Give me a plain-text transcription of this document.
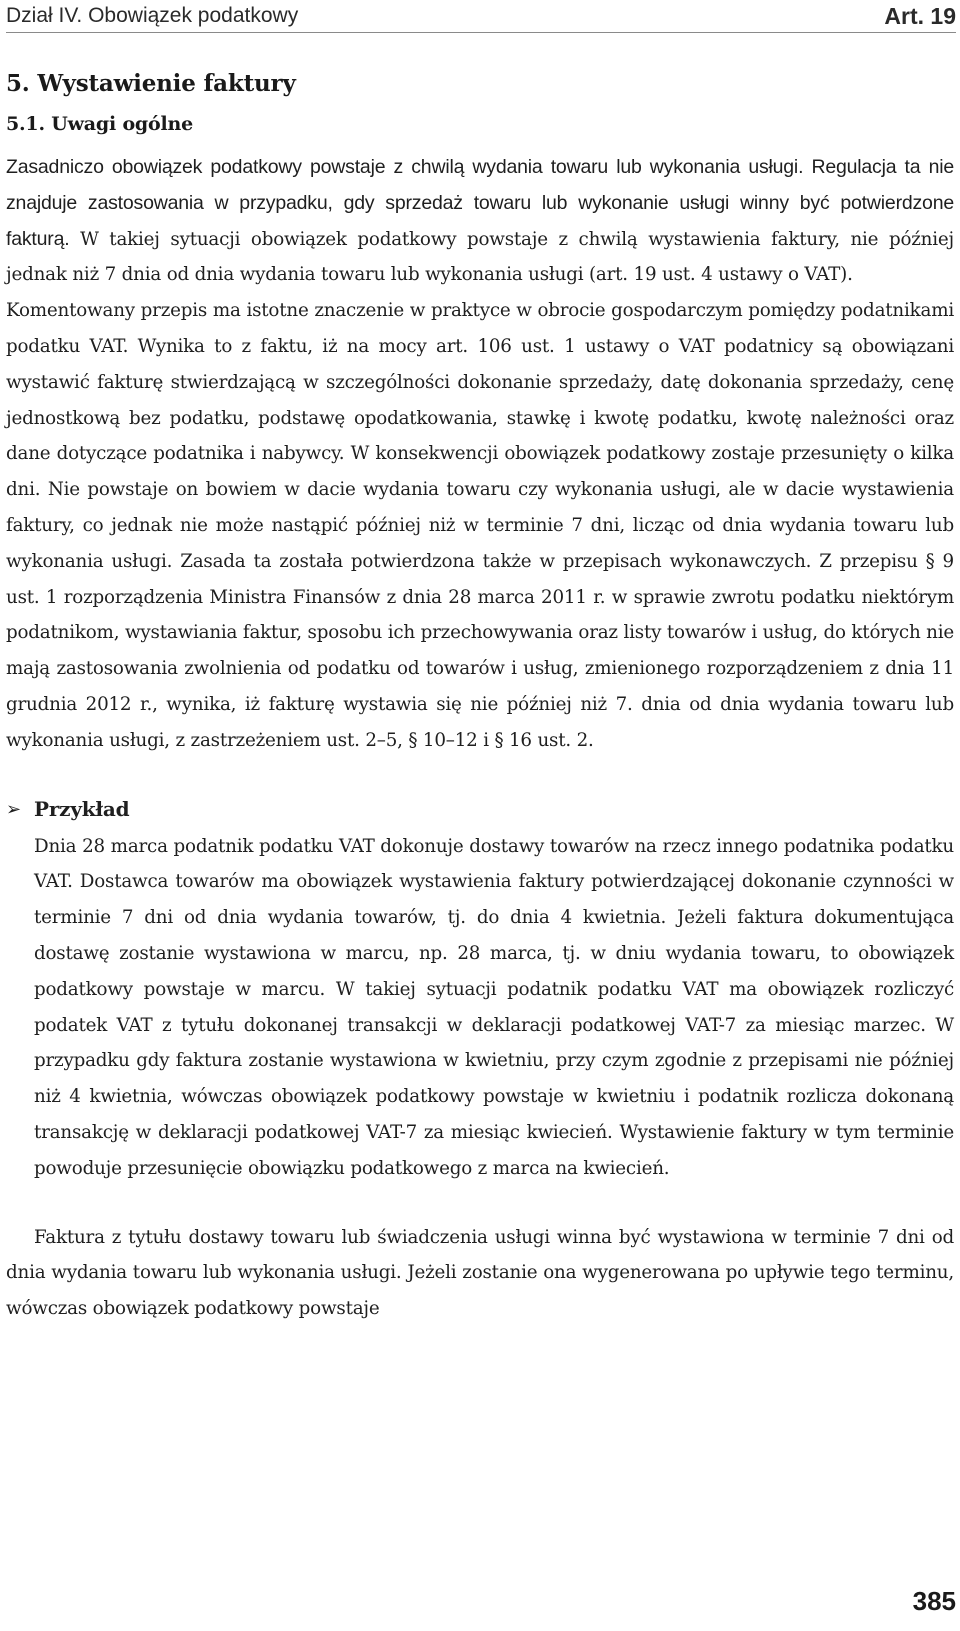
Dział IV. Obowiązek podatkowy	Art. 19
5. Wystawienie faktury
5.1. Uwagi ogólne

Zasadniczo obowiązek podatkowy powstaje z chwilą wydania towaru lub wykonania usługi. Regulacja ta nie znajduje zastosowania w przypadku, gdy sprzedaż towaru lub wykonanie usługi winny być potwierdzone fakturą. W takiej sytuacji obowiązek podatkowy powstaje z chwilą wystawienia faktury, nie później jednak niż 7 dnia od dnia wydania towaru lub wykonania usługi (art. 19 ust. 4 ustawy o VAT).

Komentowany przepis ma istotne znaczenie w praktyce w obrocie gospodarczym pomiędzy podatnikami podatku VAT. Wynika to z faktu, iż na mocy art. 106 ust. 1 ustawy o VAT podatnicy są obowiązani wystawić fakturę stwierdzającą w szczególności dokonanie sprzedaży, datę dokonania sprzedaży, cenę jednostkową bez podatku, podstawę opodatkowania, stawkę i kwotę podatku, kwotę należności oraz dane dotyczące podatnika i nabywcy. W konsekwencji obowiązek podatkowy zostaje przesunięty o kilka dni. Nie powstaje on bowiem w dacie wydania towaru czy wykonania usługi, ale w dacie wystawienia faktury, co jednak nie może nastąpić później niż w terminie 7 dni, licząc od dnia wydania towaru lub wykonania usługi. Zasada ta została potwierdzona także w przepisach wykonawczych. Z przepisu § 9 ust. 1 rozporządzenia Ministra Finansów z dnia 28 marca 2011 r. w sprawie zwrotu podatku niektórym podatnikom, wystawiania faktur, sposobu ich przechowywania oraz listy towarów i usług, do których nie mają zastosowania zwolnienia od podatku od towarów i usług, zmienionego rozporządzeniem z dnia 11 grudnia 2012 r., wynika, iż fakturę wystawia się nie później niż 7. dnia od dnia wydania towaru lub wykonania usługi, z zastrzeżeniem ust. 2–5, § 10–12 i § 16 ust. 2.

➢ Przykład

Dnia 28 marca podatnik podatku VAT dokonuje dostawy towarów na rzecz innego podatnika podatku VAT. Dostawca towarów ma obowiązek wystawienia faktury potwierdzającej dokonanie czynności w terminie 7 dni od dnia wydania towarów, tj. do dnia 4 kwietnia. Jeżeli faktura dokumentująca dostawę zostanie wystawiona w marcu, np. 28 marca, tj. w dniu wydania towaru, to obowiązek podatkowy powstaje w marcu. W takiej sytuacji podatnik podatku VAT ma obowiązek rozliczyć podatek VAT z tytułu dokonanej transakcji w deklaracji podatkowej VAT-7 za miesiąc marzec. W przypadku gdy faktura zostanie wystawiona w kwietniu, przy czym zgodnie z przepisami nie później niż 4 kwietnia, wówczas obowiązek podatkowy powstaje w kwietniu i podatnik rozlicza dokonaną transakcję w deklaracji podatkowej VAT-7 za miesiąc kwiecień. Wystawienie faktury w tym terminie powoduje przesunięcie obowiązku podatkowego z marca na kwiecień.

Faktura z tytułu dostawy towaru lub świadczenia usługi winna być wystawiona w terminie 7 dni od dnia wydania towaru lub wykonania usługi. Jeżeli zostanie ona wygenerowana po upływie tego terminu, wówczas obowiązek podatkowy powstaje

385
